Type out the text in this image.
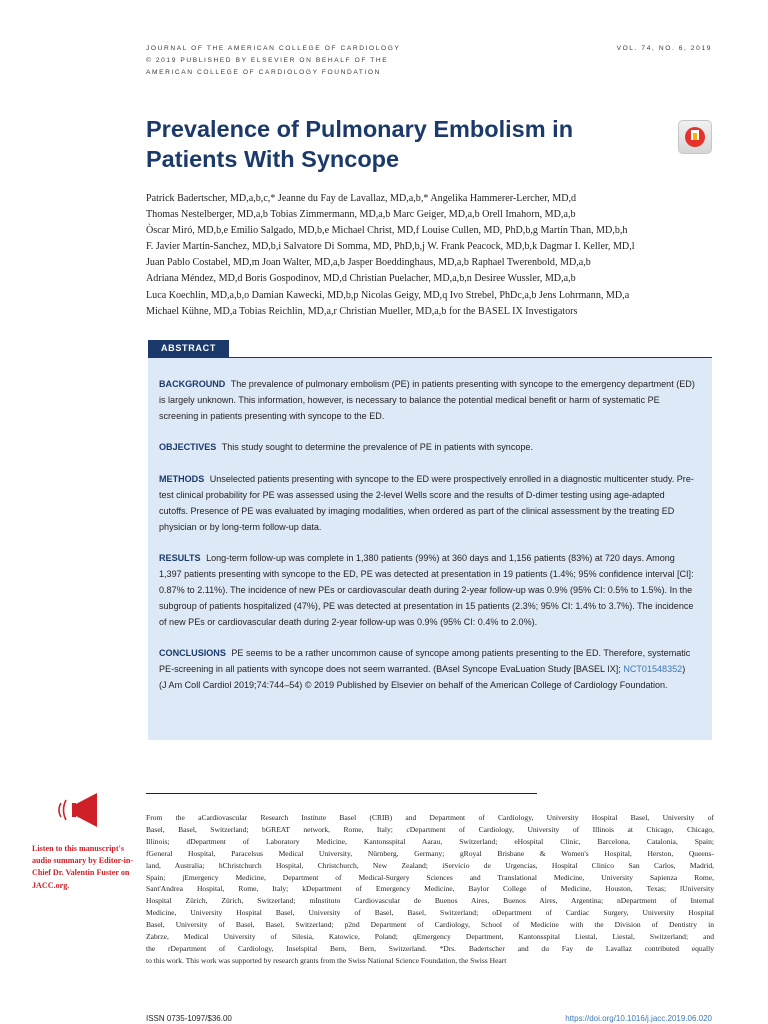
JOURNAL OF THE AMERICAN COLLEGE OF CARDIOLOGY
© 2019 PUBLISHED BY ELSEVIER ON BEHALF OF THE
AMERICAN COLLEGE OF CARDIOLOGY FOUNDATION
VOL. 74, NO. 6, 2019
Prevalence of Pulmonary Embolism in
Patients With Syncope
Patrick Badertscher, MD,a,b,c,* Jeanne du Fay de Lavallaz, MD,a,b,* Angelika Hammerer-Lercher, MD,d
Thomas Nestelberger, MD,a,b Tobias Zimmermann, MD,a,b Marc Geiger, MD,a,b Orell Imahorn, MD,a,b
Òscar Miró, MD,b,e Emilio Salgado, MD,b,e Michael Christ, MD,f Louise Cullen, MD, PhD,b,g Martin Than, MD,b,h
F. Javier Martin-Sanchez, MD,b,i Salvatore Di Somma, MD, PhD,b,j W. Frank Peacock, MD,b,k Dagmar I. Keller, MD,l
Juan Pablo Costabel, MD,m Joan Walter, MD,a,b Jasper Boeddinghaus, MD,a,b Raphael Twerenbold, MD,a,b
Adriana Méndez, MD,d Boris Gospodinov, MD,d Christian Puelacher, MD,a,b,n Desiree Wussler, MD,a,b
Luca Koechlin, MD,a,b,o Damian Kawecki, MD,b,p Nicolas Geigy, MD,q Ivo Strebel, PhDc,a,b Jens Lohrmann, MD,a
Michael Kühne, MD,a Tobias Reichlin, MD,a,r Christian Mueller, MD,a,b for the BASEL IX Investigators
ABSTRACT

BACKGROUND The prevalence of pulmonary embolism (PE) in patients presenting with syncope to the emergency department (ED) is largely unknown. This information, however, is necessary to balance the potential medical benefit or harm of systematic PE screening in patients presenting with syncope to the ED.

OBJECTIVES This study sought to determine the prevalence of PE in patients with syncope.

METHODS Unselected patients presenting with syncope to the ED were prospectively enrolled in a diagnostic multicenter study. Pre-test clinical probability for PE was assessed using the 2-level Wells score and the results of D-dimer testing using age-adapted cutoffs. Presence of PE was evaluated by imaging modalities, when ordered as part of the clinical assessment by the treating ED physician or by long-term follow-up data.

RESULTS Long-term follow-up was complete in 1,380 patients (99%) at 360 days and 1,156 patients (83%) at 720 days. Among 1,397 patients presenting with syncope to the ED, PE was detected at presentation in 19 patients (1.4%; 95% confidence interval [CI]: 0.87% to 2.11%). The incidence of new PEs or cardiovascular death during 2-year follow-up was 0.9% (95% CI: 0.5% to 1.5%). In the subgroup of patients hospitalized (47%), PE was detected at presentation in 15 patients (2.3%; 95% CI: 1.4% to 3.7%). The incidence of new PEs or cardiovascular death during 2-year follow-up was 0.9% (95% CI: 0.4% to 2.0%).

CONCLUSIONS PE seems to be a rather uncommon cause of syncope among patients presenting to the ED. Therefore, systematic PE-screening in all patients with syncope does not seem warranted. (BAsel Syncope EvaLuation Study [BASEL IX]; NCT01548352) (J Am Coll Cardiol 2019;74:744–54) © 2019 Published by Elsevier on behalf of the American College of Cardiology Foundation.

Listen to this manuscript's audio summary by Editor-in-Chief Dr. Valentin Fuster on JACC.org.
From the aCardiovascular Research Institute Basel (CRIB) and Department of Cardiology, University Hospital Basel, University of
Basel, Basel, Switzerland; bGREAT network, Rome, Italy; cDepartment of Cardiology, University of Illinois at Chicago, Chicago,
Illinois; dDepartment of Laboratory Medicine, Kantonsspital Aarau, Switzerland; eHospital Clinic, Barcelona, Catalonia, Spain;
fGeneral Hospital, Paracelsus Medical University, Nürnberg, Germany; gRoyal Brisbane & Women's Hospital, Herston, Queens-
land, Australia; hChristchurch Hospital, Christchurch, New Zealand; iServicio de Urgencias, Hospital Clinico San Carlos, Madrid,
Spain; jEmergency Medicine, Department of Medical-Surgery Sciences and Translational Medicine, University Sapienza Rome,
Sant'Andrea Hospital, Rome, Italy; kDepartment of Emergency Medicine, Baylor College of Medicine, Houston, Texas; lUniversity
Hospital Zürich, Zürich, Switzerland; mInstituto Cardiovascular de Buenos Aires, Buenos Aires, Argentina; nDepartment of Internal
Medicine, University Hospital Basel, University of Basel, Basel, Switzerland; oDepartment of Cardiac Surgery, University Hospital
Basel, University of Basel, Basel, Switzerland; p2nd Department of Cardiology, School of Medicine with the Division of Dentistry in
Zabrze, Medical University of Silesia, Katowice, Poland; qEmergency Department, Kantonsspital Liestal, Liestal, Switzerland; and
the rDepartment of Cardiology, Inselspital Bern, Bern, Switzerland. *Drs. Badertscher and du Fay de Lavallaz contributed equally
to this work. This work was supported by research grants from the Swiss National Science Foundation, the Swiss Heart
ISSN 0735-1097/$36.00	https://doi.org/10.1016/j.jacc.2019.06.020
